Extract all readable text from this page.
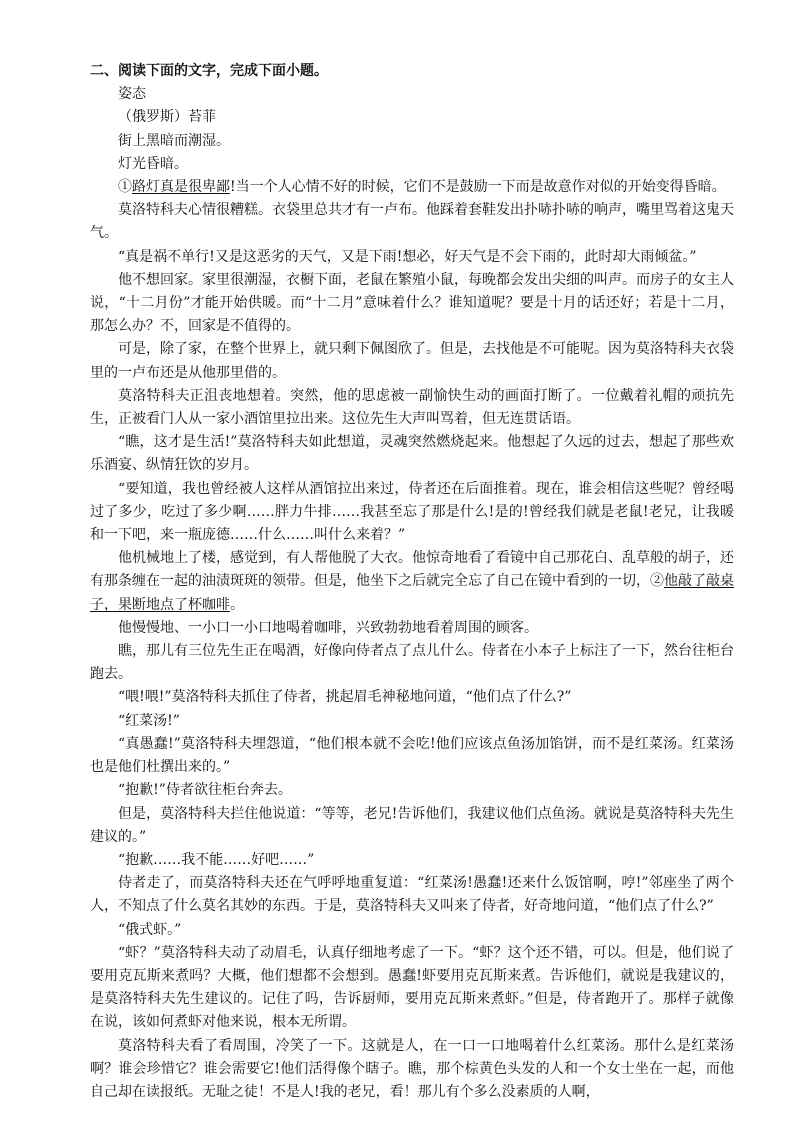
二、阅读下面的文字，完成下面小题。

姿态

（俄罗斯）苔菲

街上黑暗而潮湿。

灯光昏暗。

①路灯真是很卑鄙!当一个人心情不好的时候，它们不是鼓励一下而是故意作对似的开始变得昏暗。

莫洛特科夫心情很糟糕。衣袋里总共才有一卢布。他踩着套鞋发出扑哧扑哧的响声，嘴里骂着这鬼天气。

“真是祸不单行!又是这恶劣的天气，又是下雨!想必，好天气是不会下雨的，此时却大雨倾盆。”

他不想回家。家里很潮湿，衣橱下面，老鼠在繁殖小鼠，每晚都会发出尖细的叫声。而房子的女主人说，“十二月份”才能开始供暖。而“十二月”意味着什么？谁知道呢？要是十月的话还好；若是十二月，那怎么办？不，回家是不值得的。

可是，除了家，在整个世界上，就只剩下佩图欣了。但是，去找他是不可能呢。因为莫洛特科夫衣袋里的一卢布还是从他那里借的。

莫洛特科夫正沮丧地想着。突然，他的思虑被一副愉快生动的画面打断了。一位戴着礼帽的顽抗先生，正被看门人从一家小酒馆里拉出来。这位先生大声叫骂着，但无连贯话语。

“瞧，这才是生活!”莫洛特科夫如此想道，灵魂突然燃烧起来。他想起了久远的过去，想起了那些欢乐酒宴、纵情狂饮的岁月。

“要知道，我也曾经被人这样从酒馆拉出来过，侍者还在后面推着。现在，谁会相信这些呢？曾经喝过了多少，吃过了多少啊……胖力牛排……我甚至忘了那是什么!是的!曾经我们就是老鼠!老兄，让我暖和一下吧，来一瓶庞德……什么……叫什么来着？”

他机械地上了楼，感觉到，有人帮他脱了大衣。他惊奇地看了看镜中自己那花白、乱草般的胡子，还有那条缠在一起的油渍斑斑的领带。但是，他坐下之后就完全忘了自己在镜中看到的一切，②他敲了敲桌子，果断地点了杯咖啡。

他慢慢地、一小口一小口地喝着咖啡，兴致勃勃地看着周围的顾客。

瞧，那儿有三位先生正在喝酒，好像向侍者点了点儿什么。侍者在小本子上标注了一下，然台往柜台跑去。

“喂!喂!”莫洛特科夫抓住了侍者，挑起眉毛神秘地问道，“他们点了什么?”

“红菜汤!”

“真愚蠢!”莫洛特科夫埋怨道，“他们根本就不会吃!他们应该点鱼汤加馅饼，而不是红菜汤。红菜汤也是他们杜撰出来的。”

“抱歉!”侍者欲往柜台奔去。

但是，莫洛特科夫拦住他说道：“等等，老兄!告诉他们，我建议他们点鱼汤。就说是莫洛特科夫先生建议的。”

“抱歉……我不能……好吧……”

侍者走了，而莫洛特科夫还在气呼呼地重复道：“红菜汤!愚蠢!还来什么饭馆啊，哼!”邻座坐了两个人，不知点了什么莫名其妙的东西。于是，莫洛特科夫又叫来了侍者，好奇地问道，“他们点了什么?”

“俄式虾。”

“虾？”莫洛特科夫动了动眉毛，认真仔细地考虑了一下。“虾？这个还不错，可以。但是，他们说了要用克瓦斯来煮吗？大概，他们想都不会想到。愚蠢!虾要用克瓦斯来煮。告诉他们，就说是我建议的，是莫洛特科夫先生建议的。记住了吗，告诉厨师，要用克瓦斯来煮虾。”但是，侍者跑开了。那样子就像在说，该如何煮虾对他来说，根本无所谓。

莫洛特科夫看了看周围，冷笑了一下。这就是人，在一口一口地喝着什么红菜汤。那什么是红菜汤啊？谁会珍惜它？谁会需要它!他们活得像个瞎子。瞧，那个棕黄色头发的人和一个女士坐在一起，而他自己却在读报纸。无耻之徒！不是人!我的老兄，看！那儿有个多么没素质的人啊，
